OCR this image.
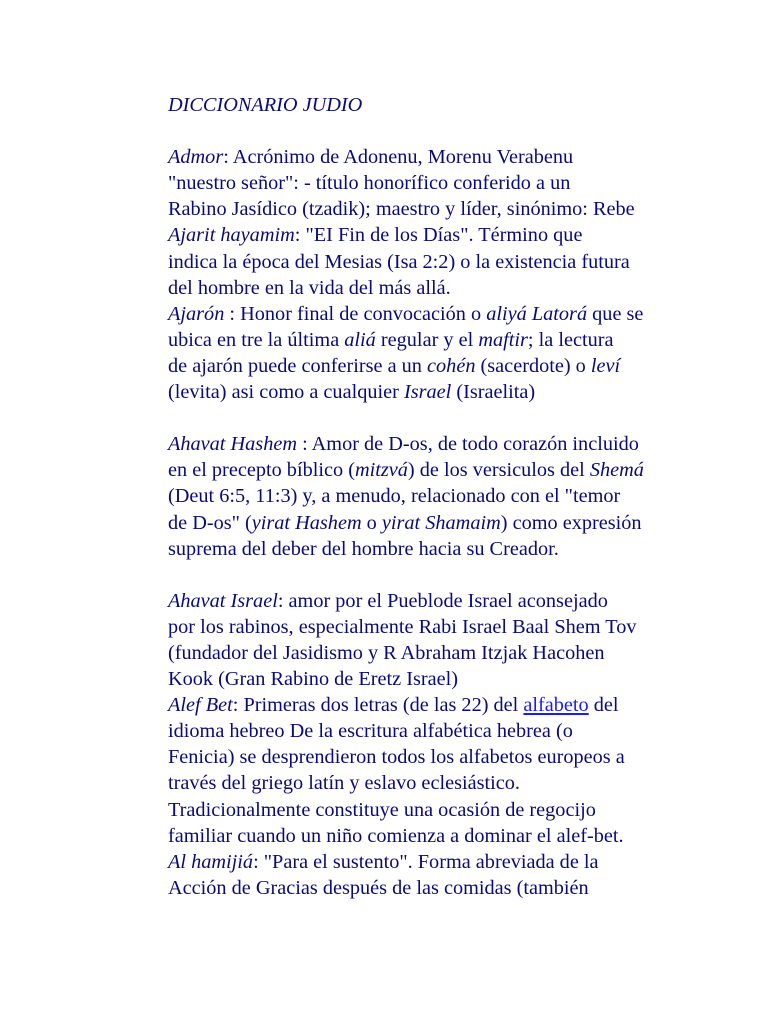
DICCIONARIO JUDIO
Admor: Acrónimo de Adonenu, Morenu Verabenu
"nuestro señor": - título honorífico conferido a un
Rabino Jasídico (tzadik); maestro y líder, sinónimo: Rebe
Ajarit hayamim: "EI Fin de los Días". Término que
indica la época del Mesias (Isa 2:2) o la existencia futura
del hombre en la vida del más allá.
Ajarón : Honor final de convocación o aliyá Latorá que se
ubica en tre la última aliá regular y el maftir; la lectura
de ajarón puede conferirse a un cohén (sacerdote) o leví
(levita) asi como a cualquier Israel (Israelita)
Ahavat Hashem : Amor de D-os, de todo corazón incluido
en el precepto bíblico (mitzvá) de los versiculos del Shemá
(Deut 6:5, 11:3) y, a menudo, relacionado con el "temor
de D-os" (yirat Hashem o yirat Shamaim) como expresión
suprema del deber del hombre hacia su Creador.
Ahavat Israel: amor por el Pueblode Israel aconsejado
por los rabinos, especialmente Rabi Israel Baal Shem Tov
(fundador del Jasidismo y R Abraham Itzjak Hacohen
Kook (Gran Rabino de Eretz Israel)
Alef Bet: Primeras dos letras (de las 22) del alfabeto del
idioma hebreo De la escritura alfabética hebrea (o
Fenicia) se desprendieron todos los alfabetos europeos a
través del griego latín y eslavo eclesiástico.
Tradicionalmente constituye una ocasión de regocijo
familiar cuando un niño comienza a dominar el alef-bet.
Al hamijiá: "Para el sustento". Forma abreviada de la
Acción de Gracias después de las comidas (también
